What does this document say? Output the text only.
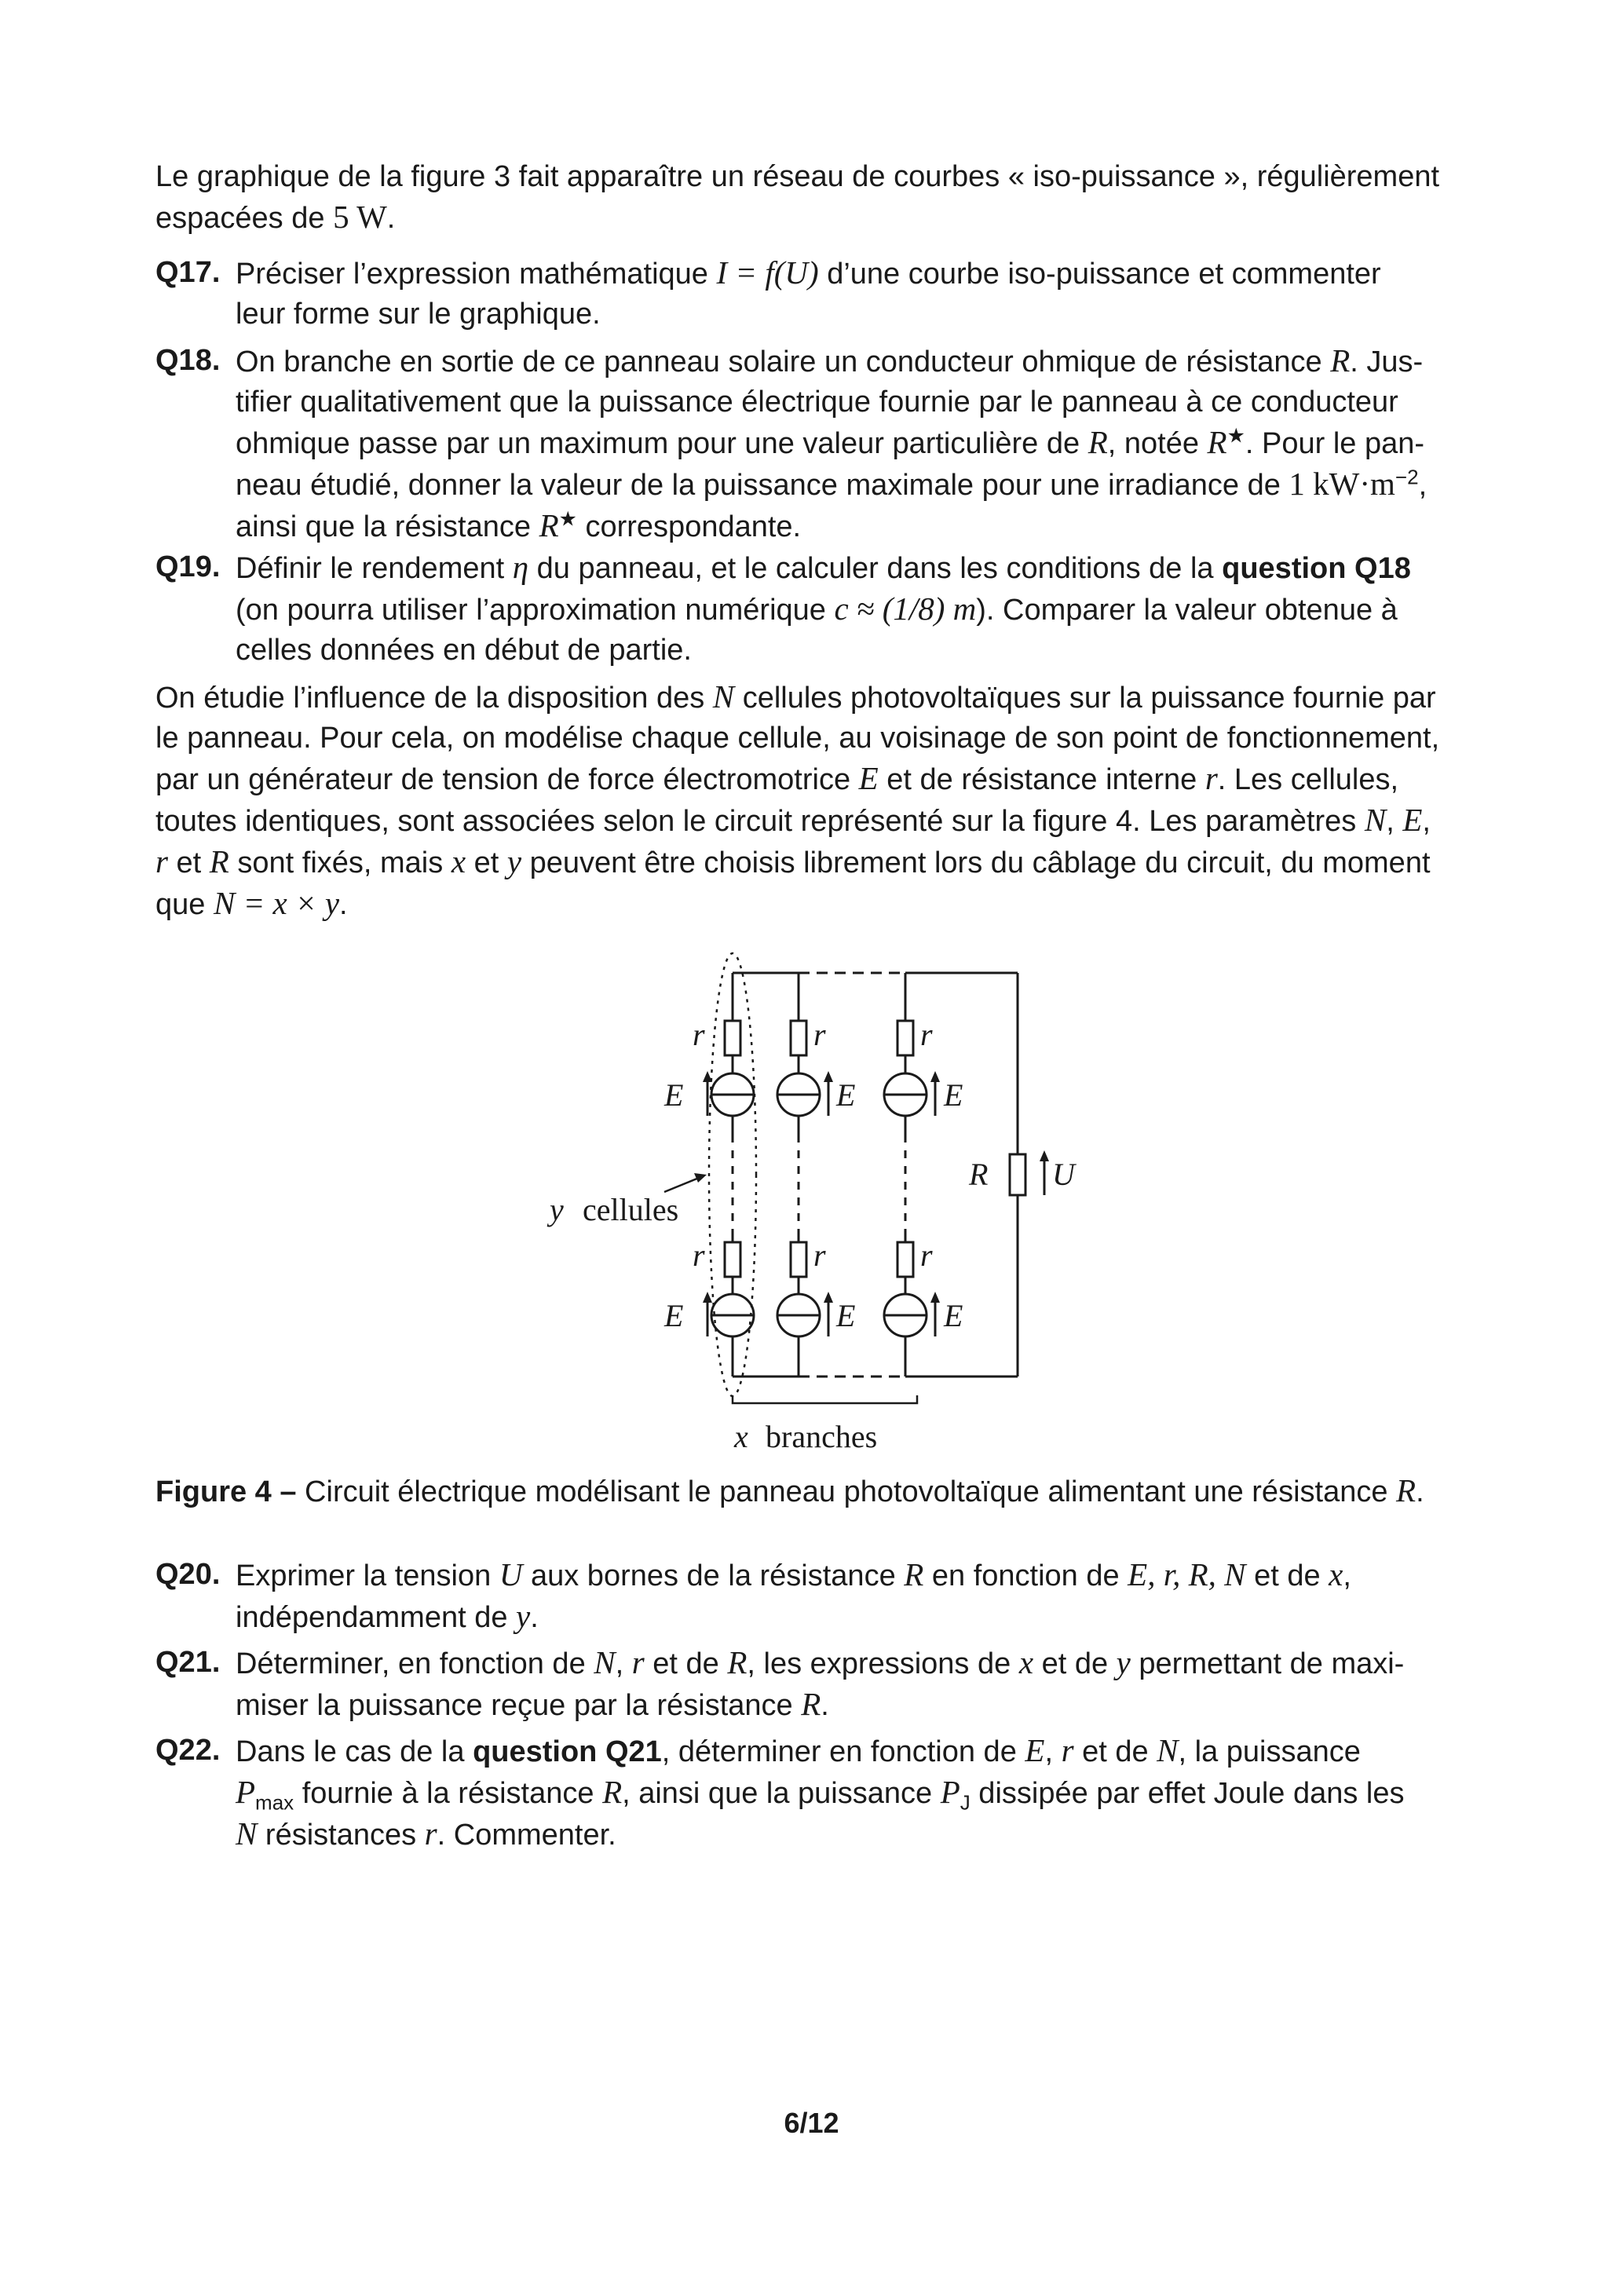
Le graphique de la figure 3 fait apparaître un réseau de courbes « iso-puissance », régulièrement
espacées de 5 W.
Q17. Préciser l’expression mathématique I = f(U) d’une courbe iso-puissance et commenter
leur forme sur le graphique.
Q18. On branche en sortie de ce panneau solaire un conducteur ohmique de résistance R. Jus-
tifier qualitativement que la puissance électrique fournie par le panneau à ce conducteur
ohmique passe par un maximum pour une valeur particulière de R, notée R★. Pour le pan-
neau étudié, donner la valeur de la puissance maximale pour une irradiance de 1 $kW\cdot m^{-2}$,
ainsi que la résistance R★ correspondante.
Q19. Définir le rendement η du panneau, et le calculer dans les conditions de la question Q18
(on pourra utiliser l’approximation numérique c ≈ (1/8) m). Comparer la valeur obtenue à
celles données en début de partie.
On étudie l’influence de la disposition des N cellules photovoltaïques sur la puissance fournie par
le panneau. Pour cela, on modélise chaque cellule, au voisinage de son point de fonctionnement,
par un générateur de tension de force électromotrice E et de résistance interne r. Les cellules,
toutes identiques, sont associées selon le circuit représenté sur la figure 4. Les paramètres N, E,
r et R sont fixés, mais x et y peuvent être choisis librement lors du câblage du circuit, du moment
que N = x × y.
r	r	r
E	E	E
R U
y
r	r	r
E	E	E
x
cellules
branches
Figure 4 – Circuit électrique modélisant le panneau photovoltaïque alimentant une résistance R.
Q20. Exprimer la tension U aux bornes de la résistance R en fonction de E, r, R, N et de x,
indépendamment de y.
Q21. Déterminer, en fonction de N, r et de R, les expressions de x et de y permettant de maxi-
miser la puissance reçue par la résistance R.
Q22. Dans le cas de la question Q21, déterminer en fonction de E, r et de N, la puissance
$P_{max}$ fournie à la résistance R, ainsi que la puissance $P_J$ dissipée par effet Joule dans les
N résistances r. Commenter.
6/12
